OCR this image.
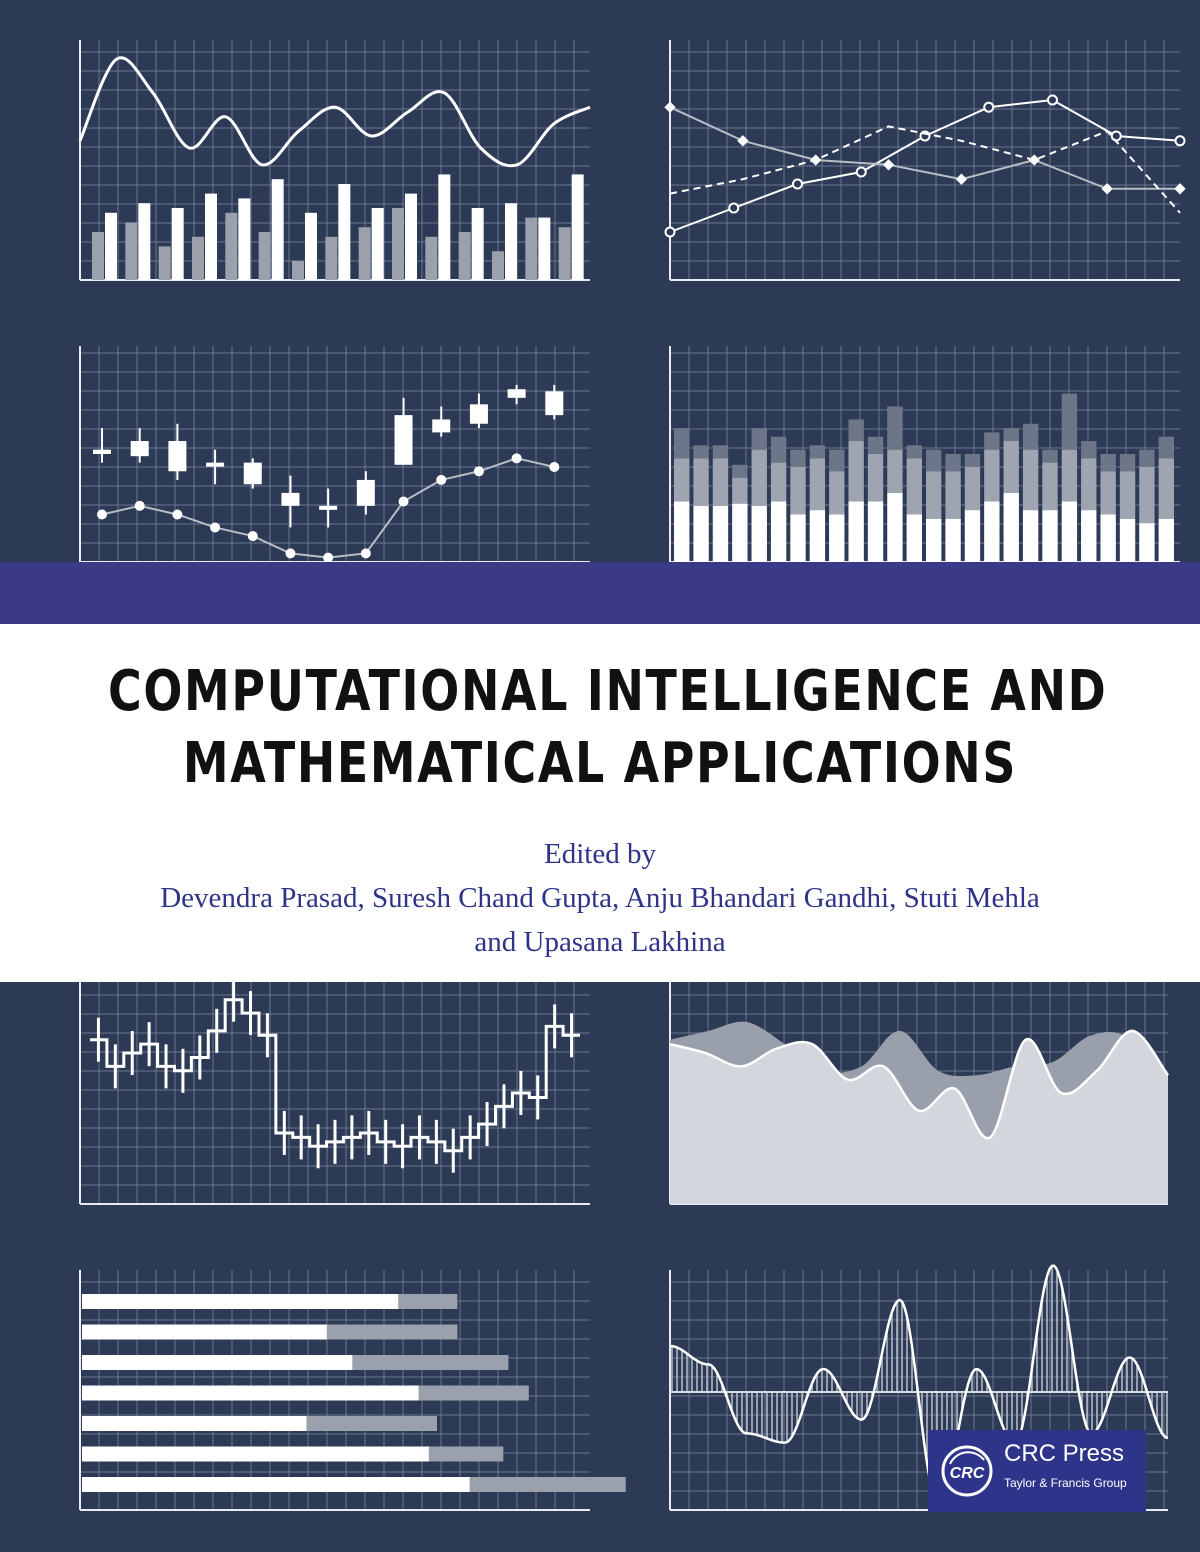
COMPUTATIONAL INTELLIGENCE AND
MATHEMATICAL APPLICATIONS
Edited by
Devendra Prasad, Suresh Chand Gupta, Anju Bhandari Gandhi, Stuti Mehla
and Upasana Lakhina
CRC
CRC Press
Taylor & Francis Group
